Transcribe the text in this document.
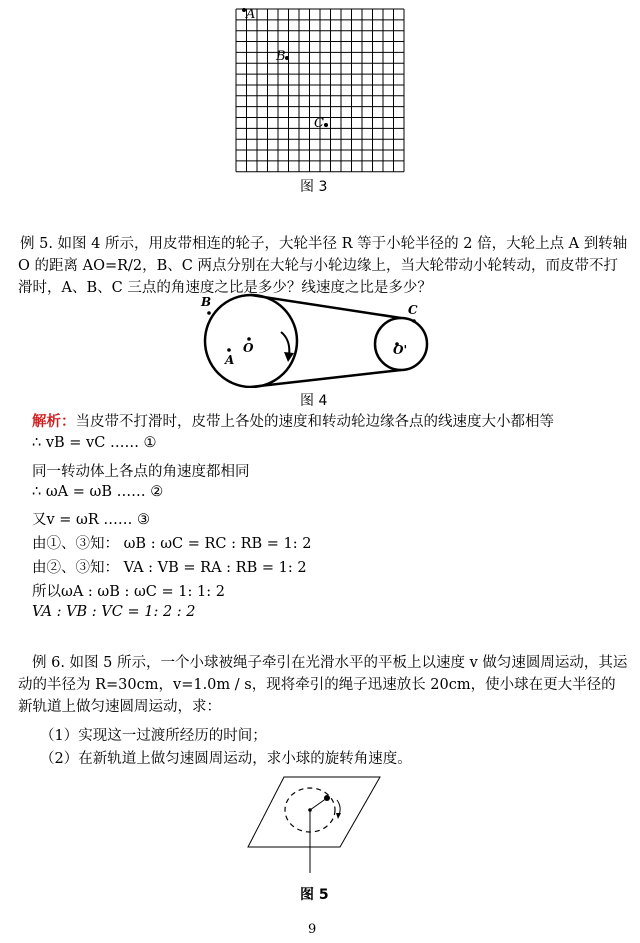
A
B
C
图 3
例 5. 如图 4 所示，用皮带相连的轮子，大轮半径 R 等于小轮半径的 2 倍，大轮上点 A 到转轴 O 的距离 AO=R/2，B、C 两点分别在大轮与小轮边缘上，当大轮带动小轮转动，而皮带不打滑时，A、B、C 三点的角速度之比是多少？线速度之比是多少？
O
A
B
O'
C
图 4
解析：当皮带不打滑时，皮带上各处的速度和转动轮边缘各点的线速度大小都相等
∴ vB = vC …… ①
同一转动体上各点的角速度都相同
∴ ωA = ωB …… ②
又v = ωR …… ③
由①、③知： ωB : ωC = RC : RB = 1: 2
由②、③知： VA : VB = RA : RB = 1: 2
所以ωA : ωB : ωC = 1: 1: 2
VA : VB : VC = 1: 2 : 2
例 6. 如图 5 所示，一个小球被绳子牵引在光滑水平的平板上以速度 v 做匀速圆周运动，其运动的半径为 R=30cm，v=1.0m / s，现将牵引的绳子迅速放长 20cm，使小球在更大半径的新轨道上做匀速圆周运动，求：
（1）实现这一过渡所经历的时间；
（2）在新轨道上做匀速圆周运动，求小球的旋转角速度。
图 5
9
